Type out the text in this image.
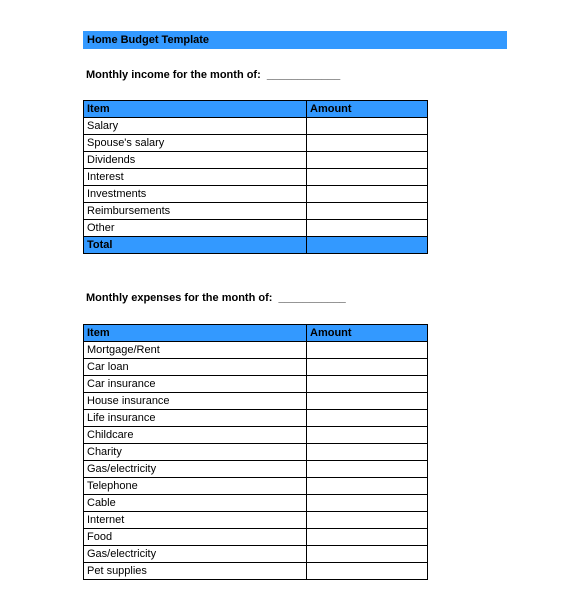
Home Budget Template
Monthly income for the month of:  ____________
Item	Amount
Salary	
Spouse's salary	
Dividends	
Interest	
Investments	
Reimbursements	
Other	
Total	
Monthly expenses for the month of:  ___________
Item	Amount
Mortgage/Rent	
Car loan	
Car insurance	
House insurance	
Life insurance	
Childcare	
Charity	
Gas/electricity	
Telephone	
Cable	
Internet	
Food	
Gas/electricity	
Pet supplies	
